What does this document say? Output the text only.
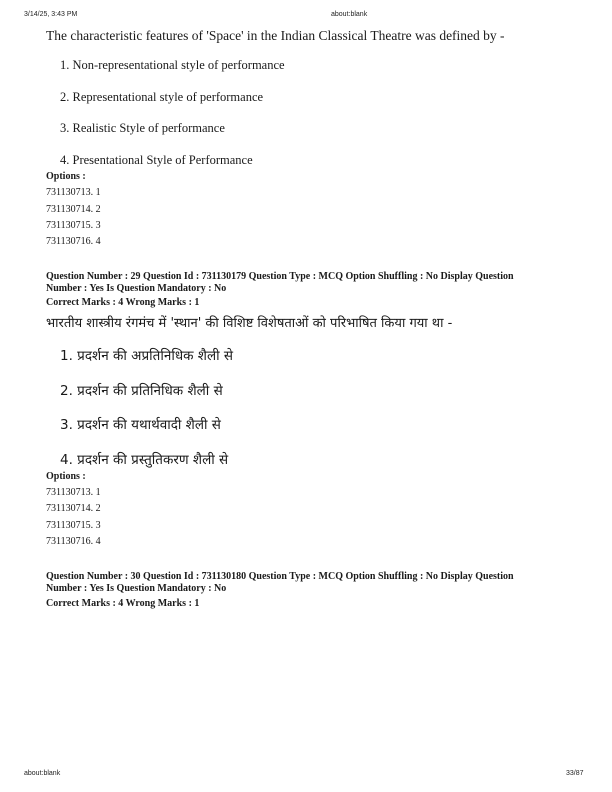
3/14/25, 3:43 PM	about:blank
The characteristic features of 'Space' in the Indian Classical Theatre was defined by -
1. Non-representational style of performance
2. Representational style of performance
3. Realistic Style of performance
4. Presentational Style of Performance
Options :
731130713. 1
731130714. 2
731130715. 3
731130716. 4
Question Number : 29 Question Id : 731130179 Question Type : MCQ Option Shuffling : No Display Question
Number : Yes Is Question Mandatory : No
Correct Marks : 4 Wrong Marks : 1
भारतीय शास्त्रीय रंगमंच में 'स्थान' की विशिष्ट विशेषताओं को परिभाषित किया गया था -
1. प्रदर्शन की अप्रतिनिधिक शैली से
2. प्रदर्शन की प्रतिनिधिक शैली से
3. प्रदर्शन की यथार्थवादी शैली से
4. प्रदर्शन की प्रस्तुतिकरण शैली से
Options :
731130713. 1
731130714. 2
731130715. 3
731130716. 4
Question Number : 30 Question Id : 731130180 Question Type : MCQ Option Shuffling : No Display Question
Number : Yes Is Question Mandatory : No
Correct Marks : 4 Wrong Marks : 1
about:blank	33/87
